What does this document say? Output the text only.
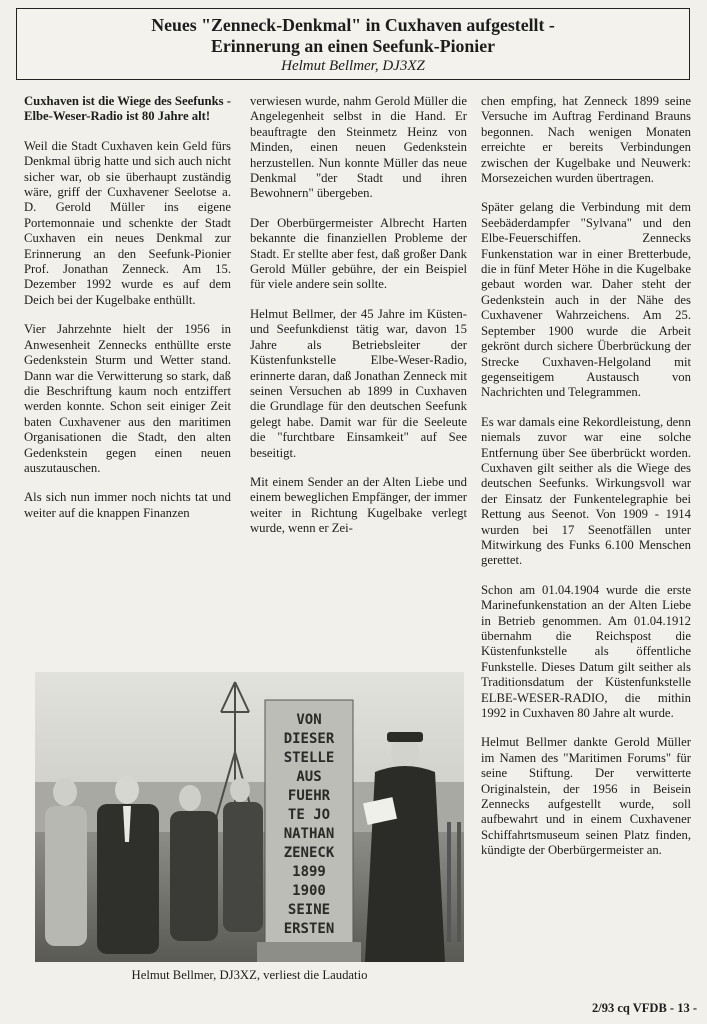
Neues "Zenneck-Denkmal" in Cuxhaven aufgestellt -

Erinnerung an einen Seefunk-Pionier

Helmut Bellmer, DJ3XZ

Cuxhaven ist die Wiege des Seefunks - Elbe-Weser-Radio ist 80 Jahre alt!

Weil die Stadt Cuxhaven kein Geld fürs Denkmal übrig hatte und sich auch nicht sicher war, ob sie überhaupt zuständig wäre, griff der Cuxhavener Seelotse a. D. Gerold Müller ins eigene Portemonnaie und schenkte der Stadt Cuxhaven ein neues Denkmal zur Erinnerung an den Seefunk-Pionier Prof. Jonathan Zenneck. Am 15. Dezember 1992 wurde es auf dem Deich bei der Kugelbake enthüllt.

Vier Jahrzehnte hielt der 1956 in Anwesenheit Zennecks enthüllte erste Gedenkstein Sturm und Wetter stand. Dann war die Verwitterung so stark, daß die Beschriftung kaum noch entziffert werden konnte. Schon seit einiger Zeit baten Cuxhavener aus den maritimen Organisationen die Stadt, den alten Gedenkstein gegen einen neuen auszutauschen.

Als sich nun immer noch nichts tat und weiter auf die knappen Finanzen

verwiesen wurde, nahm Gerold Müller die Angelegenheit selbst in die Hand. Er beauftragte den Steinmetz Heinz von Minden, einen neuen Gedenkstein herzustellen. Nun konnte Müller das neue Denkmal "der Stadt und ihren Bewohnern" übergeben.

Der Oberbürgermeister Albrecht Harten bekannte die finanziellen Probleme der Stadt. Er stellte aber fest, daß großer Dank Gerold Müller gebühre, der ein Beispiel für viele andere sein sollte.

Helmut Bellmer, der 45 Jahre im Küsten- und Seefunkdienst tätig war, davon 15 Jahre als Betriebsleiter der Küstenfunkstelle Elbe-Weser-Radio, erinnerte daran, daß Jonathan Zenneck mit seinen Versuchen ab 1899 in Cuxhaven die Grundlage für den deutschen Seefunk gelegt habe. Damit war für die Seeleute die "furchtbare Einsamkeit" auf See beseitigt.

Mit einem Sender an der Alten Liebe und einem beweglichen Empfänger, der immer weiter in Richtung Kugelbake verlegt wurde, wenn er Zei-

chen empfing, hat Zenneck 1899 seine Versuche im Auftrag Ferdinand Brauns begonnen. Nach wenigen Monaten erreichte er bereits Verbindungen zwischen der Kugelbake und Neuwerk: Morsezeichen wurden übertragen.

Später gelang die Verbindung mit dem Seebäderdampfer "Sylvana" und den Elbe-Feuerschiffen. Zennecks Funkenstation war in einer Bretterbude, die in fünf Meter Höhe in die Kugelbake gebaut worden war. Daher steht der Gedenkstein auch in der Nähe des Cuxhavener Wahrzeichens. Am 25. September 1900 wurde die Arbeit gekrönt durch sichere Überbrückung der Strecke Cuxhaven-Helgoland mit gegenseitigem Austausch von Nachrichten und Telegrammen.

Es war damals eine Rekordleistung, denn niemals zuvor war eine solche Entfernung über See überbrückt worden. Cuxhaven gilt seither als die Wiege des deutschen Seefunks. Wirkungsvoll war der Einsatz der Funkentelegraphie bei Rettung aus Seenot. Von 1909 - 1914 wurden bei 17 Seenotfällen unter Mitwirkung des Funks 6.100 Menschen gerettet.

Schon am 01.04.1904 wurde die erste Marinefunkenstation an der Alten Liebe in Betrieb genommen. Am 01.04.1912 übernahm die Reichspost die Küstenfunkstelle als öffentliche Funkstelle. Dieses Datum gilt seither als Traditionsdatum der Küstenfunkstelle ELBE-WESER-RADIO, die mithin 1992 in Cuxhaven 80 Jahre alt wurde.

Helmut Bellmer dankte Gerold Müller im Namen des "Maritimen Forums" für seine Stiftung. Der verwitterte Originalstein, der 1956 in Beisein Zennecks aufgestellt wurde, soll aufbewahrt und in einem Cuxhavener Schiffahrtsmuseum seinen Platz finden, kündigte der Oberbürgermeister an.

VON
DIESER
STELLE
AUS
FUEHR
TE JO
NATHAN
ZENECK
1899
1900
SEINE
ERSTEN
Helmut Bellmer, DJ3XZ, verliest die Laudatio
2/93 cq VFDB - 13 -
